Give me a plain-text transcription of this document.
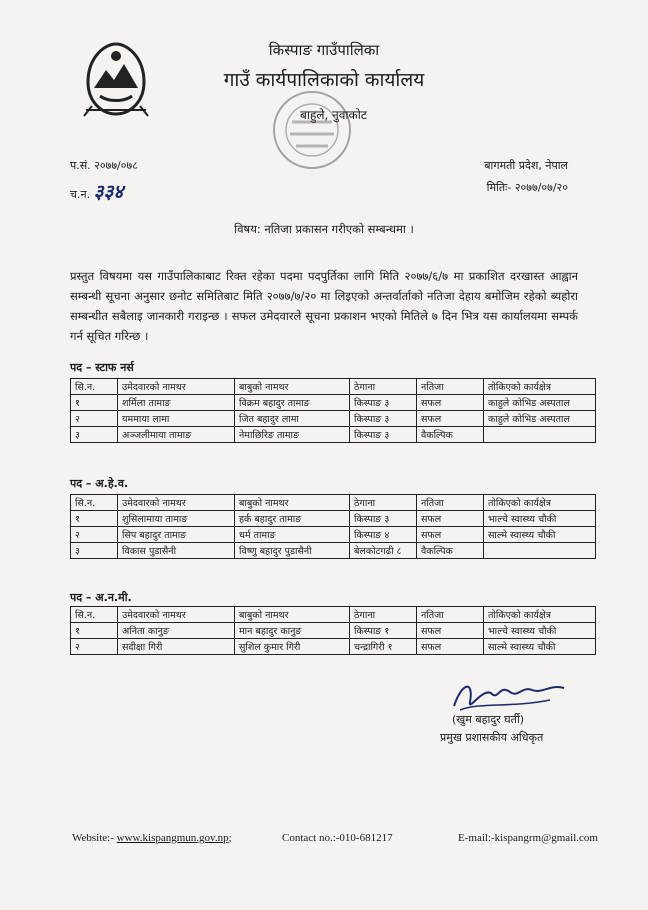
किस्पाङ गाउँपालिका
गाउँ कार्यपालिकाको कार्यालय
बाहुले, नुवाकोट
प.सं. २०७७/०७८
च.न. ३३४
बागमती प्रदेश, नेपाल
मितिः- २०७७/०७/२०
विषय: नतिजा प्रकासन गरीएको सम्बन्धमा ।
प्रस्तुत विषयमा यस गाउँपालिकाबाट रिक्त रहेका पदमा पदपुर्तिका लागि मिति २०७७/६/७ मा प्रकाशित दरखास्त आह्वान सम्बन्धी सूचना अनुसार छनोट समितिबाट मिति २०७७/७/२० मा लिइएको अन्तर्वार्ताको नतिजा देहाय बमोजिम रहेको ब्यहोरा सम्बन्धीत सबैलाइ जानकारी गराइन्छ । सफल उमेदवारले सूचना प्रकाशन भएको मितिले ७ दिन भित्र यस कार्यालयमा सम्पर्क गर्न सूचित गरिन्छ ।
पद – स्टाफ नर्स
सि.न.	उमेदवारको नामथर	बाबुको नामथर	ठेगाना	नतिजा	तोकिएको कार्यक्षेत्र
१	शर्मिला तामाङ	विक्रम बहादुर तामाङ	किस्पाङ ३	सफल	काहुले कोभिड अस्पताल
२	यममाया लामा	जित बहादुर लामा	किस्पाङ ३	सफल	काहुले कोभिड अस्पताल
३	अञ्जलीमाया तामाङ	नेमाछिरिङ तामाङ	किस्पाङ ३	वैकल्पिक	
पद – अ.हे.व.
सि.न.	उमेदवारको नामथर	बाबुको नामथर	ठेगाना	नतिजा	तोकिएको कार्यक्षेत्र
१	शुसिलामाया तामाङ	हर्क बहादुर तामाङ	किस्पाङ ३	सफल	भाल्चे स्वास्थ्य चौकी
२	सिप बहादुर तामाङ	धर्म तामाङ	किस्पाङ ४	सफल	साल्मे स्वास्थ्य चौकी
३	विकास पुडासैनी	विष्णु बहादुर पुडासैनी	बेलकोटगढी ८	वैकल्पिक	
पद – अ.न.मी.
सि.न.	उमेदवारको नामथर	बाबुको नामथर	ठेगाना	नतिजा	तोकिएको कार्यक्षेत्र
१	अनिता कानुङ	मान बहादुर कानुङ	किस्पाङ १	सफल	भाल्चे स्वास्थ्य चौकी
२	सदीक्षा गिरी	सुशिल कुमार गिरी	चन्द्रागिरी १	सफल	साल्मे स्वास्थ्य चौकी
(खुम बहादुर घर्ती)
प्रमुख प्रशासकीय अधिकृत
Website:- www.kispangmun.gov.np;	Contact no.:-010-681217	E-mail:-kispangrm@gmail.com
